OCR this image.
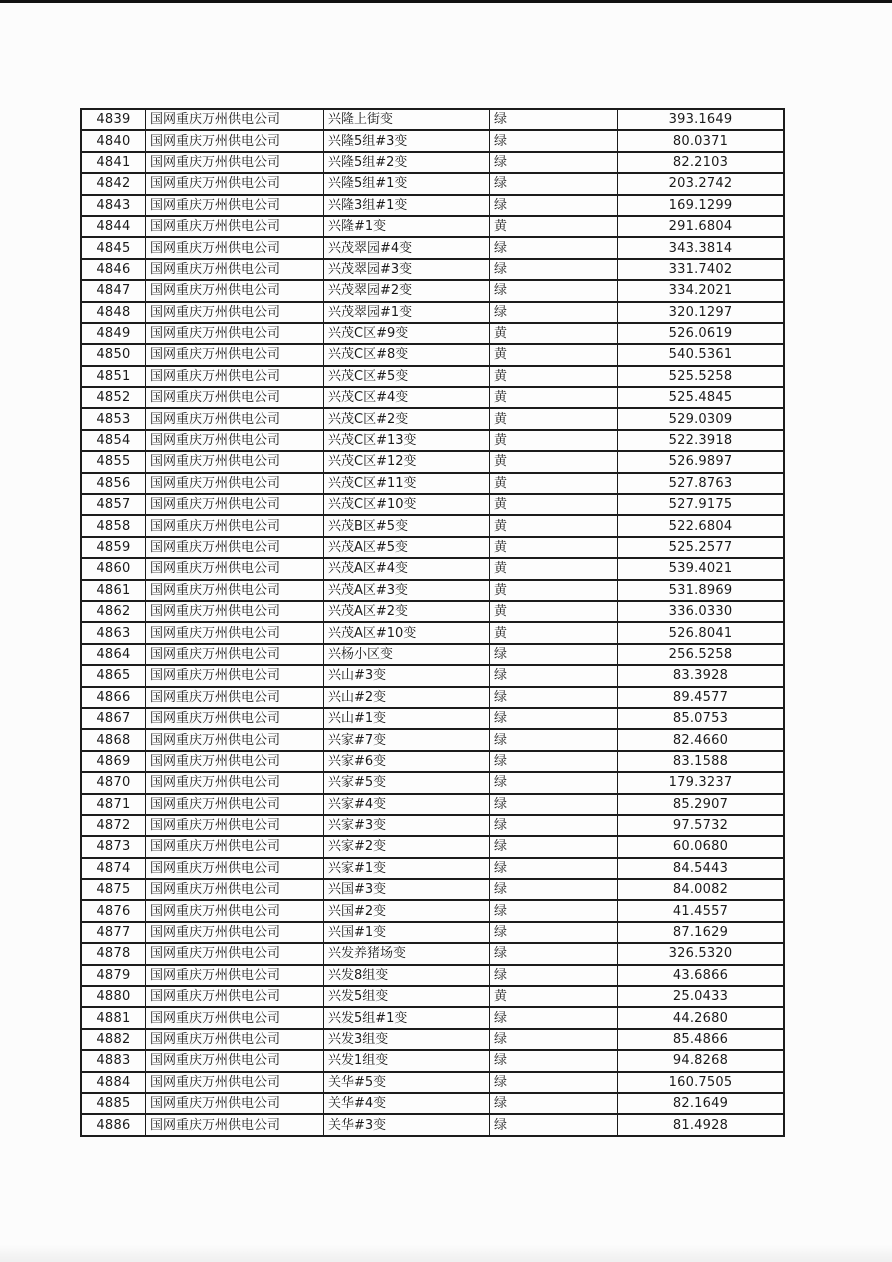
4839	国网重庆万州供电公司	兴隆上街变	绿	393.1649
4840	国网重庆万州供电公司	兴隆5组#3变	绿	80.0371
4841	国网重庆万州供电公司	兴隆5组#2变	绿	82.2103
4842	国网重庆万州供电公司	兴隆5组#1变	绿	203.2742
4843	国网重庆万州供电公司	兴隆3组#1变	绿	169.1299
4844	国网重庆万州供电公司	兴隆#1变	黄	291.6804
4845	国网重庆万州供电公司	兴茂翠园#4变	绿	343.3814
4846	国网重庆万州供电公司	兴茂翠园#3变	绿	331.7402
4847	国网重庆万州供电公司	兴茂翠园#2变	绿	334.2021
4848	国网重庆万州供电公司	兴茂翠园#1变	绿	320.1297
4849	国网重庆万州供电公司	兴茂C区#9变	黄	526.0619
4850	国网重庆万州供电公司	兴茂C区#8变	黄	540.5361
4851	国网重庆万州供电公司	兴茂C区#5变	黄	525.5258
4852	国网重庆万州供电公司	兴茂C区#4变	黄	525.4845
4853	国网重庆万州供电公司	兴茂C区#2变	黄	529.0309
4854	国网重庆万州供电公司	兴茂C区#13变	黄	522.3918
4855	国网重庆万州供电公司	兴茂C区#12变	黄	526.9897
4856	国网重庆万州供电公司	兴茂C区#11变	黄	527.8763
4857	国网重庆万州供电公司	兴茂C区#10变	黄	527.9175
4858	国网重庆万州供电公司	兴茂B区#5变	黄	522.6804
4859	国网重庆万州供电公司	兴茂A区#5变	黄	525.2577
4860	国网重庆万州供电公司	兴茂A区#4变	黄	539.4021
4861	国网重庆万州供电公司	兴茂A区#3变	黄	531.8969
4862	国网重庆万州供电公司	兴茂A区#2变	黄	336.0330
4863	国网重庆万州供电公司	兴茂A区#10变	黄	526.8041
4864	国网重庆万州供电公司	兴杨小区变	绿	256.5258
4865	国网重庆万州供电公司	兴山#3变	绿	83.3928
4866	国网重庆万州供电公司	兴山#2变	绿	89.4577
4867	国网重庆万州供电公司	兴山#1变	绿	85.0753
4868	国网重庆万州供电公司	兴家#7变	绿	82.4660
4869	国网重庆万州供电公司	兴家#6变	绿	83.1588
4870	国网重庆万州供电公司	兴家#5变	绿	179.3237
4871	国网重庆万州供电公司	兴家#4变	绿	85.2907
4872	国网重庆万州供电公司	兴家#3变	绿	97.5732
4873	国网重庆万州供电公司	兴家#2变	绿	60.0680
4874	国网重庆万州供电公司	兴家#1变	绿	84.5443
4875	国网重庆万州供电公司	兴国#3变	绿	84.0082
4876	国网重庆万州供电公司	兴国#2变	绿	41.4557
4877	国网重庆万州供电公司	兴国#1变	绿	87.1629
4878	国网重庆万州供电公司	兴发养猪场变	绿	326.5320
4879	国网重庆万州供电公司	兴发8组变	绿	43.6866
4880	国网重庆万州供电公司	兴发5组变	黄	25.0433
4881	国网重庆万州供电公司	兴发5组#1变	绿	44.2680
4882	国网重庆万州供电公司	兴发3组变	绿	85.4866
4883	国网重庆万州供电公司	兴发1组变	绿	94.8268
4884	国网重庆万州供电公司	关华#5变	绿	160.7505
4885	国网重庆万州供电公司	关华#4变	绿	82.1649
4886	国网重庆万州供电公司	关华#3变	绿	81.4928
